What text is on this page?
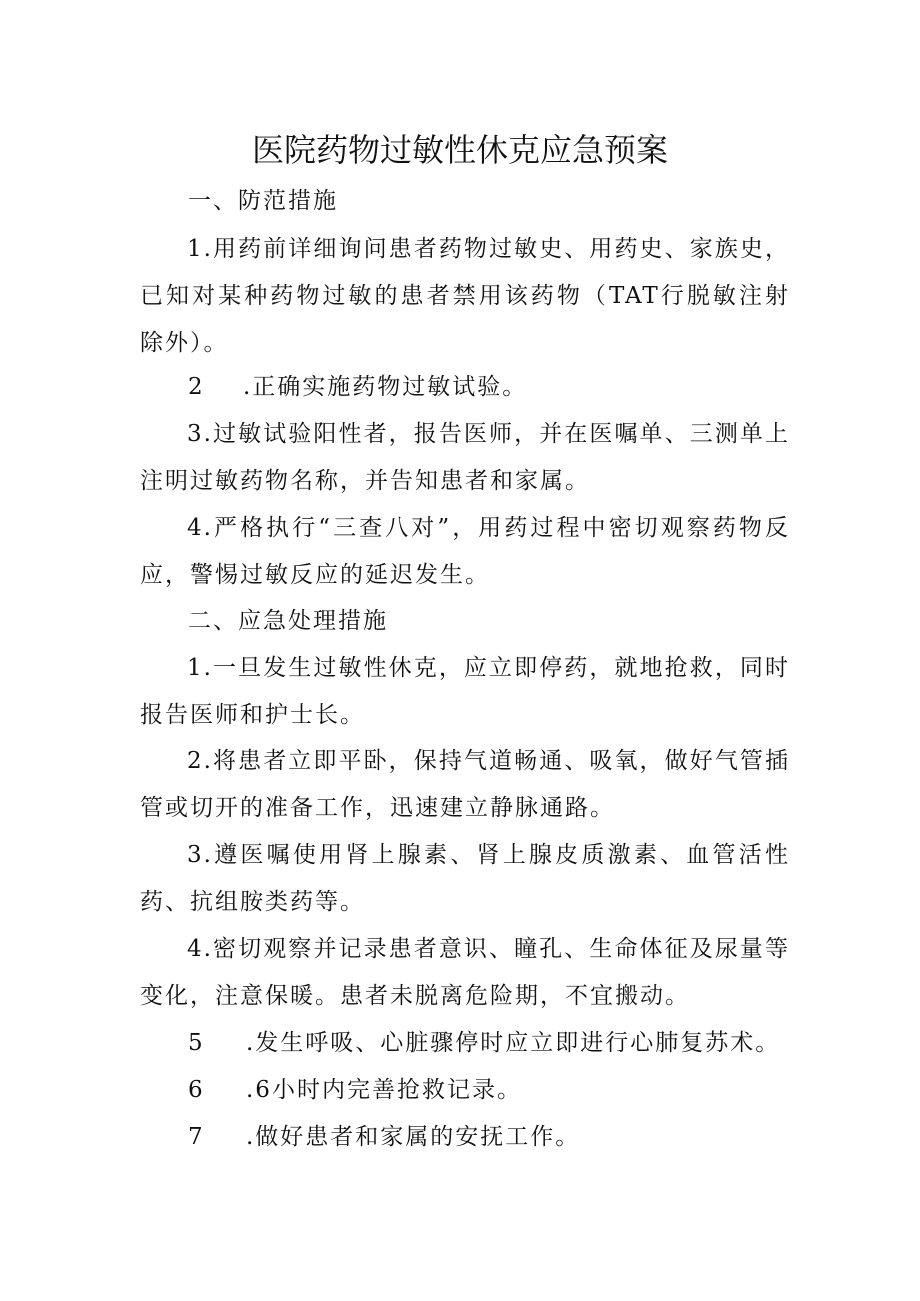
医院药物过敏性休克应急预案
一、防范措施

1.用药前详细询问患者药物过敏史、用药史、家族史，已知对某种药物过敏的患者禁用该药物（TAT行脱敏注射除外）。

2 .正确实施药物过敏试验。

3.过敏试验阳性者，报告医师，并在医嘱单、三测单上注明过敏药物名称，并告知患者和家属。

4.严格执行“三查八对”，用药过程中密切观察药物反应，警惕过敏反应的延迟发生。

二、应急处理措施

1.一旦发生过敏性休克，应立即停药，就地抢救，同时报告医师和护士长。

2.将患者立即平卧，保持气道畅通、吸氧，做好气管插管或切开的准备工作，迅速建立静脉通路。

3.遵医嘱使用肾上腺素、肾上腺皮质激素、血管活性药、抗组胺类药等。

4.密切观察并记录患者意识、瞳孔、生命体征及尿量等变化，注意保暖。患者未脱离危险期，不宜搬动。

5 .发生呼吸、心脏骤停时应立即进行心肺复苏术。
6 .6小时内完善抢救记录。
7 .做好患者和家属的安抚工作。
